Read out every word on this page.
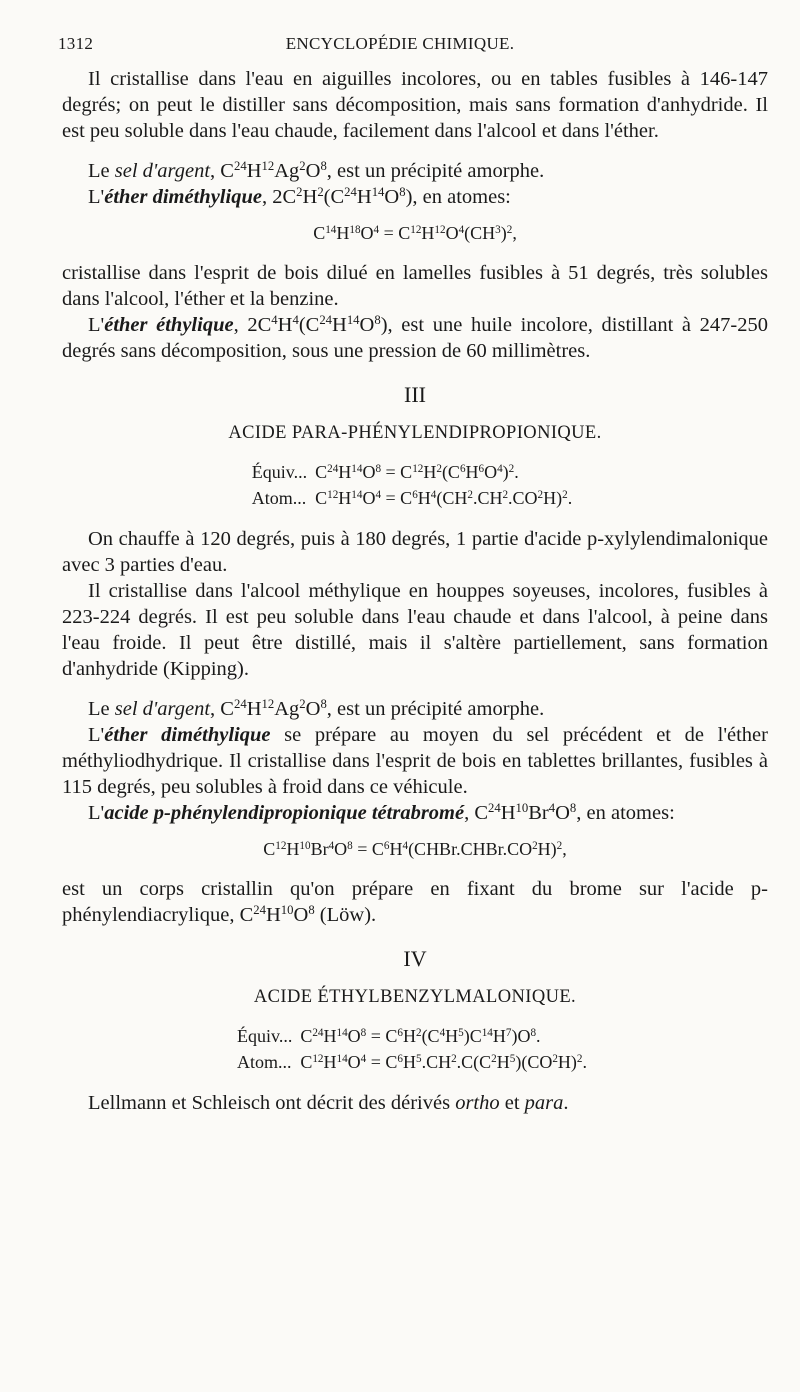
1312	ENCYCLOPÉDIE CHIMIQUE.

Il cristallise dans l'eau en aiguilles incolores, ou en tables fusibles à 146-147 degrés; on peut le distiller sans décomposition, mais sans formation d'anhydride. Il est peu soluble dans l'eau chaude, facilement dans l'alcool et dans l'éther.

Le sel d'argent, $C^{24}H^{12}Ag^2O^8$, est un précipité amorphe.

L'éther diméthylique, $2C^2H^2(C^{24}H^{14}O^8)$, en atomes:

$C^{14}H^{18}O^4 = C^{12}H^{12}O^4(CH^3)^2$,

cristallise dans l'esprit de bois dilué en lamelles fusibles à 51 degrés, très solubles dans l'alcool, l'éther et la benzine.

L'éther éthylique, $2C^4H^4(C^{24}H^{14}O^8)$, est une huile incolore, distillant à 247-250 degrés sans décomposition, sous une pression de 60 millimètres.

III
ACIDE PARA-PHÉNYLENDIPROPIONIQUE.
Équiv...	$C^{24}H^{14}O^8 = C^{12}H^2(C^6H^6O^4)^2$.
Atom...	$C^{12}H^{14}O^4 = C^6H^4(CH^2.CH^2.CO^2H)^2$.

On chauffe à 120 degrés, puis à 180 degrés, 1 partie d'acide p-xylylendimalonique avec 3 parties d'eau.

Il cristallise dans l'alcool méthylique en houppes soyeuses, incolores, fusibles à 223-224 degrés. Il est peu soluble dans l'eau chaude et dans l'alcool, à peine dans l'eau froide. Il peut être distillé, mais il s'altère partiellement, sans formation d'anhydride (Kipping).

Le sel d'argent, $C^{24}H^{12}Ag^2O^8$, est un précipité amorphe.

L'éther diméthylique se prépare au moyen du sel précédent et de l'éther méthyliodhydrique. Il cristallise dans l'esprit de bois en tablettes brillantes, fusibles à 115 degrés, peu solubles à froid dans ce véhicule.

L'acide p-phénylendipropionique tétrabromé, $C^{24}H^{10}Br^4O^8$, en atomes:

$C^{12}H^{10}Br^4O^8$ = $C^6H^4(CHBr.CHBr.CO^2H)^2$,

est un corps cristallin qu'on prépare en fixant du brome sur l'acide p-phénylendiacrylique, $C^{24}H^{10}O^8$ (Löw).

IV
ACIDE ÉTHYLBENZYLMALONIQUE.
Équiv...	$C^{24}H^{14}O^8 = C^6H^2(C^4H^5)C^{14}H^7)O^8$.
Atom...	$C^{12}H^{14}O^4 = C^6H^5.CH^2.C(C^2H^5)(CO^2H)^2$.

Lellmann et Schleisch ont décrit des dérivés ortho et para.
